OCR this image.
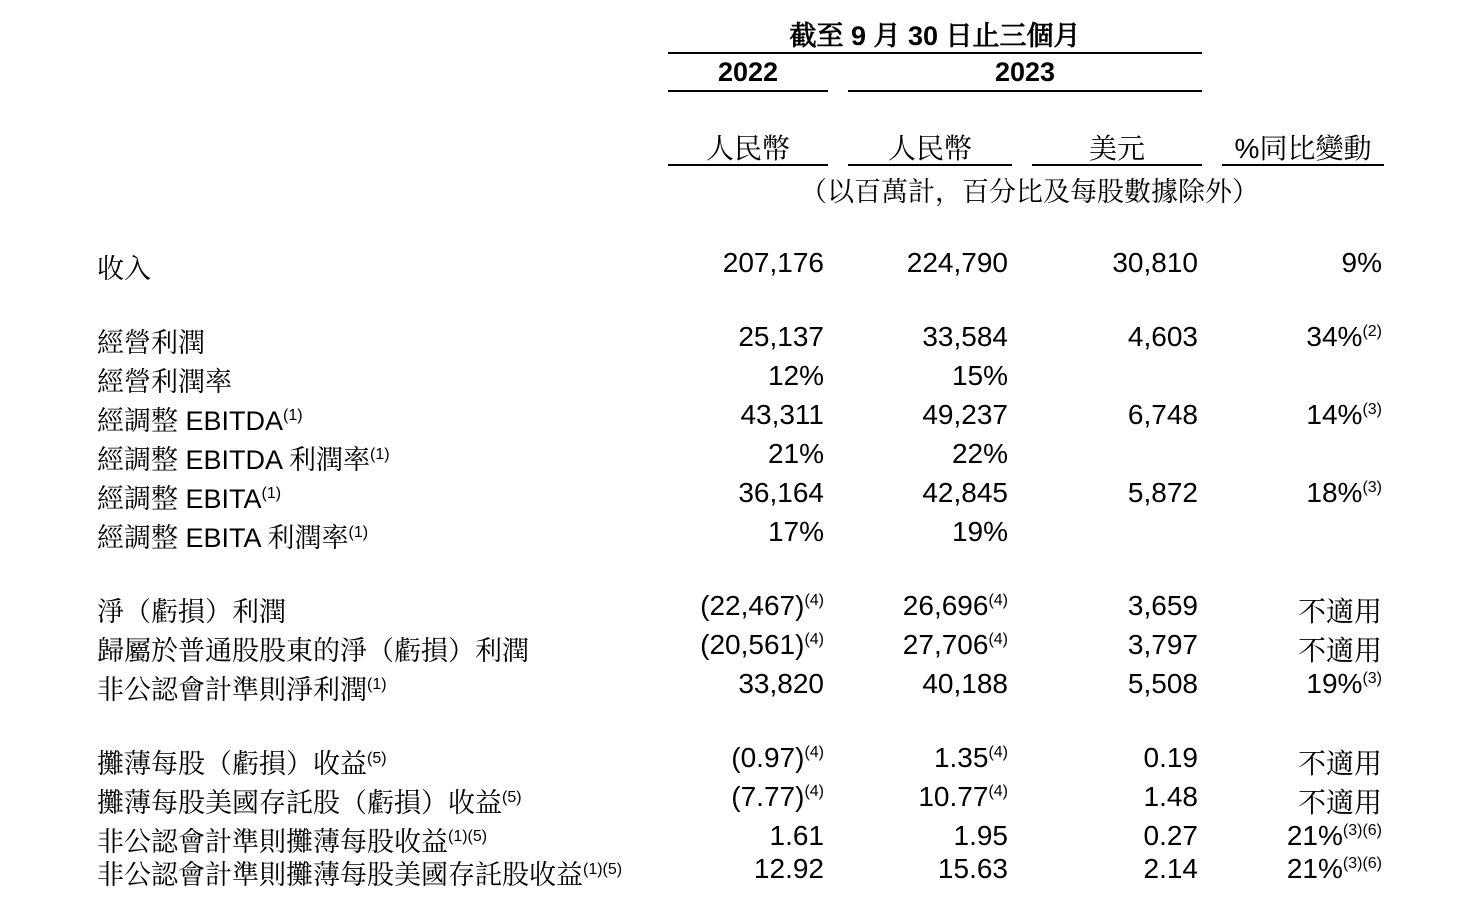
截至 9 月 30 日止三個月
2022	2023
人民幣	人民幣	美元	%同比變動
（以百萬計，百分比及每股數據除外）
收入	207,176	224,790	30,810	9%
經營利潤	25,137	33,584	4,603	34%$^{(2)}$
經營利潤率	12%	15%
經調整 EBITDA$^{(1)}$	43,311	49,237	6,748	14%$^{(3)}$
經調整 EBITDA 利潤率$^{(1)}$	21%	22%
經調整 EBITA$^{(1)}$	36,164	42,845	5,872	18%$^{(3)}$
經調整 EBITA 利潤率$^{(1)}$	17%	19%
淨（虧損）利潤	$(22,467)^{(4)}$	26,696$^{(4)}$	3,659	不適用
歸屬於普通股股東的淨（虧損）利潤	$(20,561)^{(4)}$	27,706$^{(4)}$	3,797	不適用
非公認會計準則淨利潤$^{(1)}$	33,820	40,188	5,508	19%$^{(3)}$
攤薄每股（虧損）收益$^{(5)}$	$(0.97)^{(4)}$	1.35$^{(4)}$	0.19	不適用
攤薄每股美國存託股（虧損）收益$^{(5)}$	$(7.77)^{(4)}$	10.77$^{(4)}$	1.48	不適用
非公認會計準則攤薄每股收益$^{(1)(5)}$	1.61	1.95	0.27	21%$^{(3)(6)}$
非公認會計準則攤薄每股美國存託股收益$^{(1)(5)}$	12.92	15.63	2.14	21%$^{(3)(6)}$
